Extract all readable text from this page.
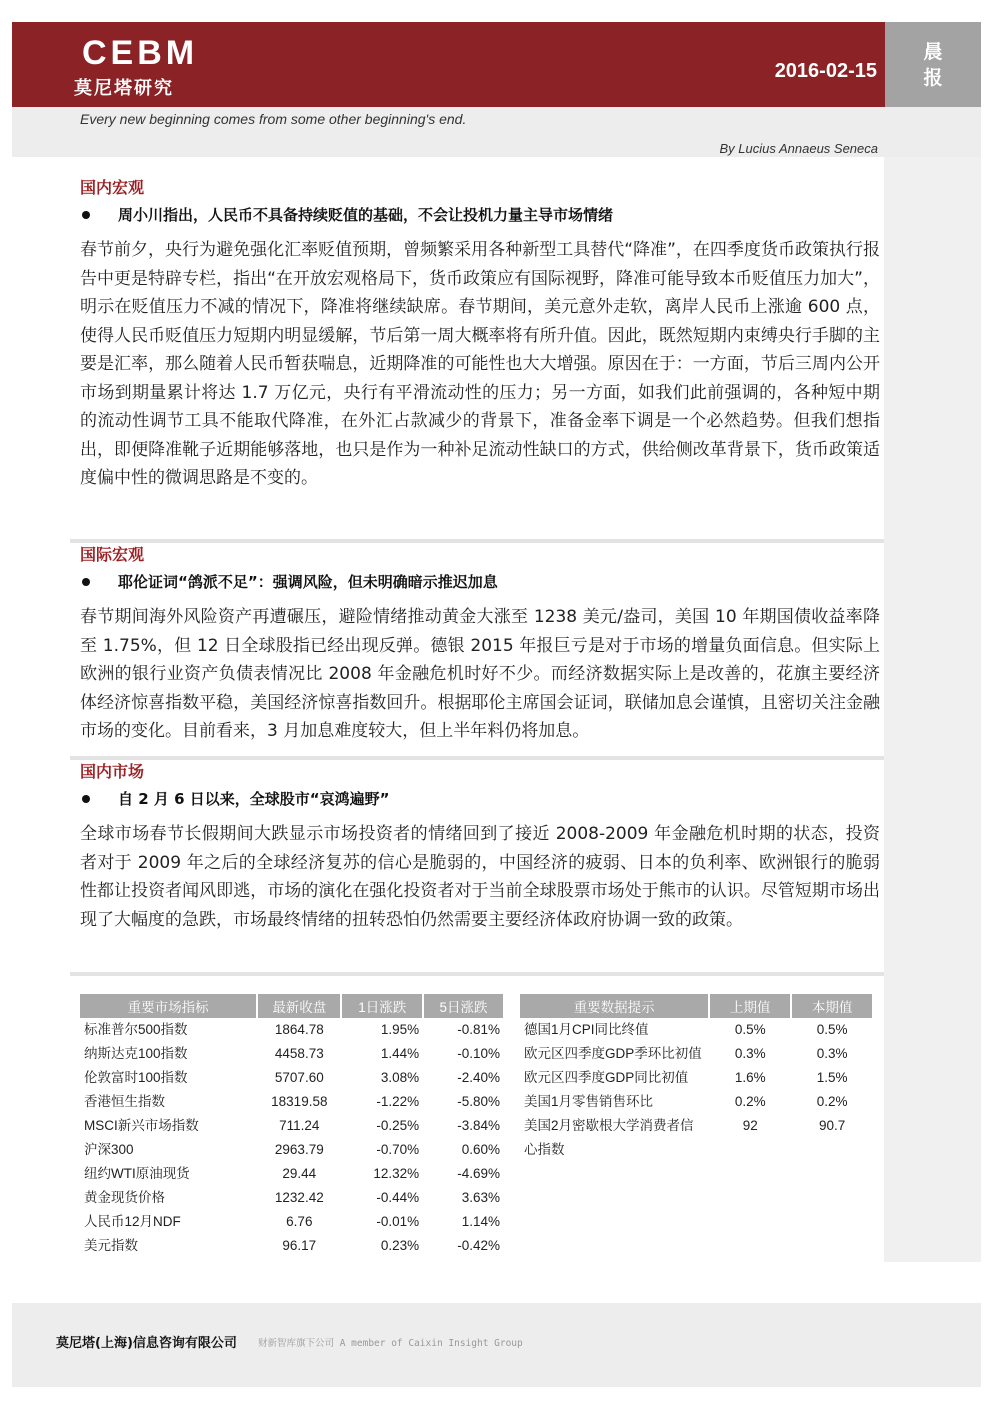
CEBM
莫尼塔研究
2016-02-15
晨
报
Every new beginning comes from some other beginning's end.
By Lucius Annaeus Seneca
国内宏观
周小川指出，人民币不具备持续贬值的基础，不会让投机力量主导市场情绪
春节前夕，央行为避免强化汇率贬值预期，曾频繁采用各种新型工具替代“降准”，在四季度货币政策执行报告中更是特辟专栏，指出“在开放宏观格局下，货币政策应有国际视野，降准可能导致本币贬值压力加大”，明示在贬值压力不减的情况下，降准将继续缺席。春节期间，美元意外走软，离岸人民币上涨逾 600 点，使得人民币贬值压力短期内明显缓解，节后第一周大概率将有所升值。因此，既然短期内束缚央行手脚的主要是汇率，那么随着人民币暂获喘息，近期降准的可能性也大大增强。原因在于：一方面，节后三周内公开市场到期量累计将达 1.7 万亿元，央行有平滑流动性的压力；另一方面，如我们此前强调的，各种短中期的流动性调节工具不能取代降准，在外汇占款减少的背景下，准备金率下调是一个必然趋势。但我们想指出，即便降准靴子近期能够落地，也只是作为一种补足流动性缺口的方式，供给侧改革背景下，货币政策适度偏中性的微调思路是不变的。
国际宏观
耶伦证词“鸽派不足”：强调风险，但未明确暗示推迟加息
春节期间海外风险资产再遭碾压，避险情绪推动黄金大涨至 1238 美元/盎司，美国 10 年期国债收益率降至 1.75%，但 12 日全球股指已经出现反弹。德银 2015 年报巨亏是对于市场的增量负面信息。但实际上欧洲的银行业资产负债表情况比 2008 年金融危机时好不少。而经济数据实际上是改善的，花旗主要经济体经济惊喜指数平稳，美国经济惊喜指数回升。根据耶伦主席国会证词，联储加息会谨慎，且密切关注金融市场的变化。目前看来，3 月加息难度较大，但上半年料仍将加息。
国内市场
自 2 月 6 日以来，全球股市“哀鸿遍野”
全球市场春节长假期间大跌显示市场投资者的情绪回到了接近 2008-2009 年金融危机时期的状态，投资者对于 2009 年之后的全球经济复苏的信心是脆弱的，中国经济的疲弱、日本的负利率、欧洲银行的脆弱性都让投资者闻风即逃，市场的演化在强化投资者对于当前全球股票市场处于熊市的认识。尽管短期市场出现了大幅度的急跌，市场最终情绪的扭转恐怕仍然需要主要经济体政府协调一致的政策。
重要市场指标	最新收盘	1日涨跌	5日涨跌
标准普尔500指数	1864.78	1.95%	-0.81%
纳斯达克100指数	4458.73	1.44%	-0.10%
伦敦富时100指数	5707.60	3.08%	-2.40%
香港恒生指数	18319.58	-1.22%	-5.80%
MSCI新兴市场指数	711.24	-0.25%	-3.84%
沪深300	2963.79	-0.70%	0.60%
纽约WTI原油现货	29.44	12.32%	-4.69%
黄金现货价格	1232.42	-0.44%	3.63%
人民币12月NDF	6.76	-0.01%	1.14%
美元指数	96.17	0.23%	-0.42%
重要数据提示	上期值	本期值
德国1月CPI同比终值	0.5%	0.5%
欧元区四季度GDP季环比初值	0.3%	0.3%
欧元区四季度GDP同比初值	1.6%	1.5%
美国1月零售销售环比	0.2%	0.2%
美国2月密歇根大学消费者信心指数	92	90.7
莫尼塔(上海)信息咨询有限公司 财新智库旗下公司 A member of Caixin Insight Group
